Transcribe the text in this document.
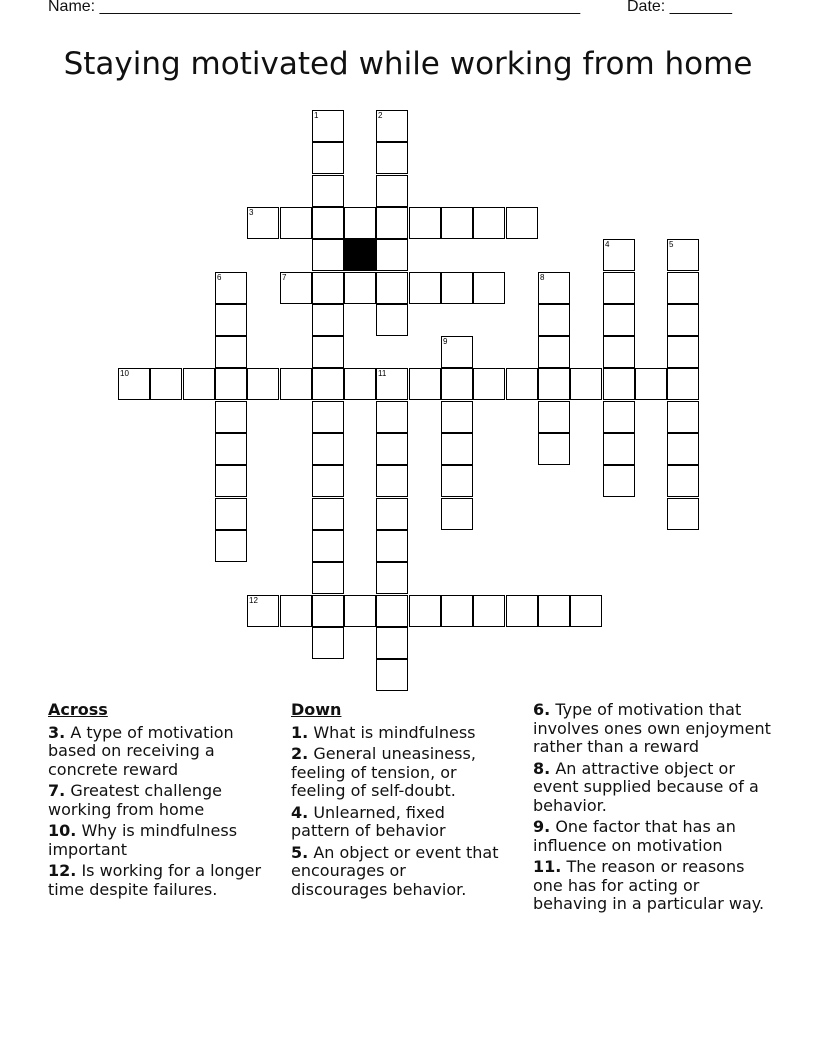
Name: ______________________________________________________	Date: _______
Staying motivated while working from home
3
7
10	11
12
1	2
4	5
6	8
9
Across
3. A type of motivation based on receiving a concrete reward
7. Greatest challenge working from home
10. Why is mindfulness important
12. Is working for a longer time despite failures.
Down
1. What is mindfulness
2. General uneasiness, feeling of tension, or feeling of self-doubt.
4. Unlearned, fixed pattern of behavior
5. An object or event that encourages or discourages behavior.
6. Type of motivation that involves ones own enjoyment rather than a reward
8. An attractive object or event supplied because of a behavior.
9. One factor that has an influence on motivation
11. The reason or reasons one has for acting or behaving in a particular way.
